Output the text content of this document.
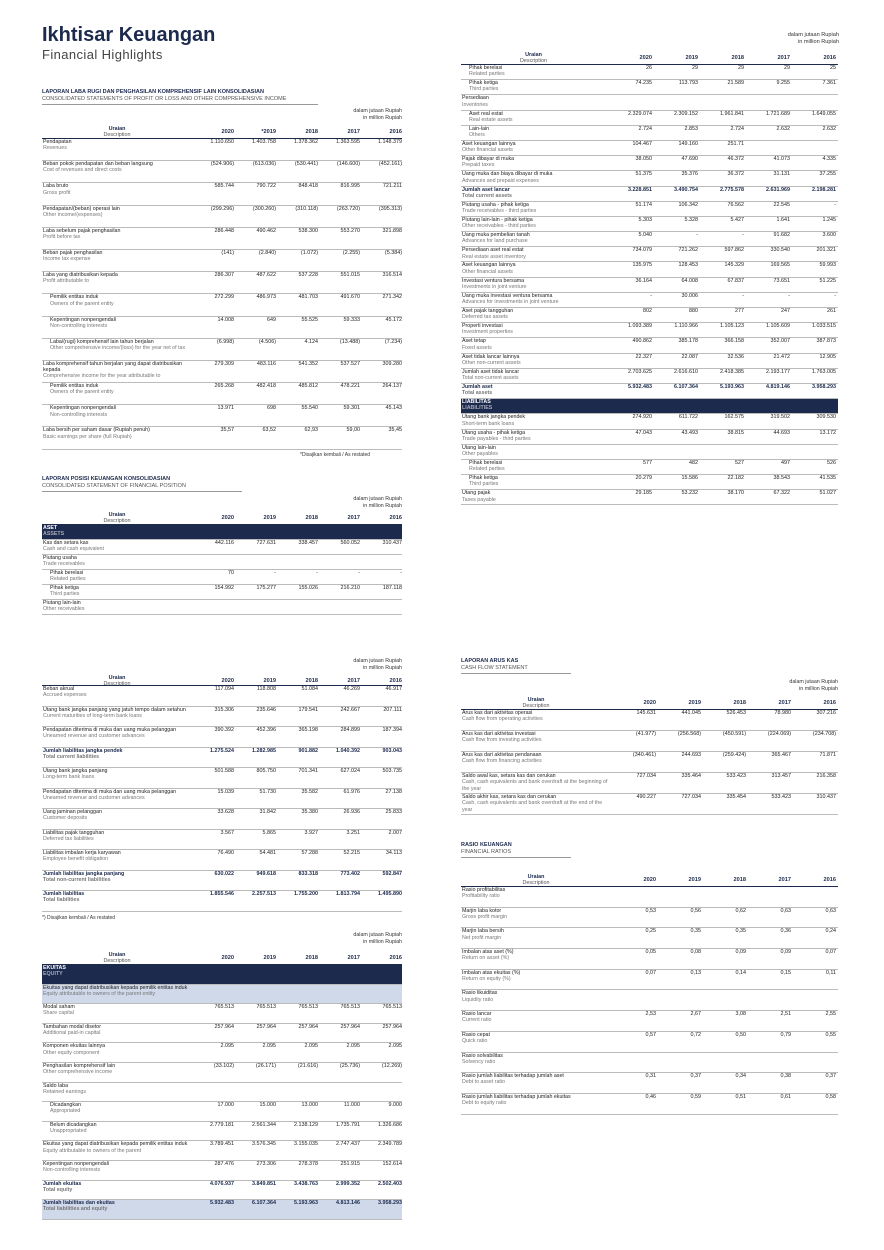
Ikhtisar Keuangan
Financial Highlights
dalam jutaan Rupiah
in million Rupiah
LAPORAN LABA RUGI DAN PENGHASILAN KOMPREHENSIF LAIN KONSOLIDASIAN
CONSOLIDATED STATEMENTS OF PROFIT OR LOSS AND OTHER COMPREHENSIVE INCOME
dalam jutaan Rupiah
in million Rupiah
Uraian
Description	2020	*2019	2018	2017	2016
Pendapatan
Revenues
1.110.650	1.403.758	1.378.362	1.363.595	1.148.379
Beban pokok pendapatan dan beban langsung
Cost of revenues and direct costs
(524.906)	(613.036)	(530.441)	(146.600)	(452.161)
Laba bruto
Gross profit
585.744	790.722	848.418	816.995	721.211
Pendapatan/(beban) operasi lain
Other income/(expenses)
(299.296)	(300.260)	(310.118)	(263.720)	(395.313)
Laba sebelum pajak penghasilan
Profit before tax
286.448	490.462	538.300	553.270	321.898
Beban pajak penghasilan
Income tax expense
(141)	(2.840)	(1.072)	(2.255)	(5.384)
Laba yang diatribusikan kepada
Profit attributable to
286.307	487.622	537.228	551.015	316.514
Pemilik entitas induk
Owners of the parent entity
272.299	486.973	481.703	491.670	271.342
Kepentingan nonpengendali
Non-controlling interests
14.008	649	55.525	59.333	45.172
Laba/(rugi) komprehensif lain tahun berjalan
Other comprehensive income/(loss) for the year net of tax
(6.998)	(4.506)	4.124	(13.488)	(7.234)
Laba komprehensif tahun berjalan yang dapat diatribusikan kepada
Comprehensive income for the year attributable to
279.309	483.116	541.352	537.527	309.280
Pemilik entitas induk
Owners of the parent entity
265.268	482.418	485.812	478.221	264.137
Kepentingan nonpengendali
Non-controlling interests
13.971	698	55.540	59.301	45.143
Laba bersih per saham dasar (Rupiah penuh)
Basic earnings per share (full Rupiah)
35,57	63,52	62,93	59,00	35,45
*Disajikan kembali / As restated
LAPORAN POSISI KEUANGAN KONSOLIDASIAN
CONSOLIDATED STATEMENT OF FINANCIAL POSITION
dalam jutaan Rupiah
in million Rupiah
Uraian
Description	2020	2019	2018	2017	2016
ASET
ASSETS
Kas dan setara kas
Cash and cash equivalent
442.116	727.631	338.457	560.052	310.437
Piutang usaha
Trade receivables
Pihak berelasi
Related parties
70	-	-	-	-
Pihak ketiga
Third parties
154.992	175.277	155.026	216.210	187.118
Piutang lain-lain
Other receivables
Uraian
Description	2020	2019	2018	2017	2016
Pihak berelasi
Related parties
26	29	29	29	25
Pihak ketiga
Third parties
74.235	113.793	21.589	9.255	7.361
Persediaan
Inventories
Aset real estat
Real estate assets
2.329.074	2.309.152	1.961.841	1.721.689	1.649.055
Lain-lain
Others
2.724	2.853	2.724	2.632	2.632
Aset keuangan lainnya
Other financial assets
104.467	149.160	251.71
Pajak dibayar di muka
Prepaid taxes
38.050	47.690	46.372	41.073	4.335
Uang muka dan biaya dibayar di muka
Advances and prepaid expenses
51.375	35.376	36.372	31.131	37.255
Jumlah aset lancar
Total current assets
3.228.851	3.490.754	2.775.578	2.631.969	2.198.281
Piutang usaha - pihak ketiga
Trade receivables - third parties
51.174	106.342	76.562	22.545	-
Piutang lain-lain - pihak ketiga
Other receivables - third parties
5.303	5.328	5.427	1.641	1.245
Uang muka pembelian tanah
Advances for land purchase
5.040	-	-	91.682	3.600
Persediaan aset real estat
Real estate asset inventory
734.079	721.262	597.862	330.540	201.321
Aset keuangan lainnya
Other financial assets
135.975	128.453	145.329	169.565	59.993
Investasi ventura bersama
Investments in joint venture
36.164	64.008	67.837	73.651	51.225
Uang muka investasi ventura bersama
Advances for investments in joint venture
-	30.006	-	-	-
Aset pajak tangguhan
Deferred tax assets
802	880	277	247	261
Properti investasi
Investment properties
1.093.389	1.110.966	1.105.123	1.105.609	1.033.515
Aset tetap
Fixed assets
490.862	385.178	366.158	352.007	387.873
Aset tidak lancar lainnya
Other non-current assets
22.327	22.087	32.536	21.472	12.905
Jumlah aset tidak lancar
Total non-current assets
2.703.625	2.616.610	2.418.385	2.193.177	1.763.005
Jumlah aset
Total assets
5.932.483	6.107.364	5.193.963	4.819.146	3.958.293
LIABILITAS
LIABILITIES
Utang bank jangka pendek
Short-term bank loans
274.920	611.722	162.575	319.502	309.530
Utang usaha - pihak ketiga
Trade payables - third parties
47.043	43.493	38.815	44.693	13.172
Utang lain-lain
Other payables
Pihak berelasi
Related parties
577	482	527	497	526
Pihak ketiga
Third parties
20.279	15.586	22.182	38.543	41.535
Utang pajak
Taxes payable
29.185	53.232	38.170	67.322	51.027
dalam jutaan Rupiah
in million Rupiah
Uraian
Description	2020	2019	2018	2017	2016
Beban akrual
Accrued expenses
117.094	118.808	51.084	46.269	46.917
Utang bank jangka panjang yang jatuh tempo dalam setahun
Current maturities of long-term bank loans
315.306	235.646	179.541	242.667	207.111
Pendapatan diterima di muka dan uang muka pelanggan
Unearned revenue and customer advances
390.392	452.396	365.198	284.899	187.394
Jumlah liabilitas jangka pendek
Total current liabilities
1.275.524	1.282.985	901.882	1.040.392	903.043
Utang bank jangka panjang
Long-term bank loans
501.588	805.750	701.341	627.024	503.735
Pendapatan diterima di muka dan uang muka pelanggan
Unearned revenue and customer advances
15.039	51.730	35.582	61.976	27.138
Uang jaminan pelanggan
Customer deposits
33.628	31.842	35.380	26.936	25.833
Liabilitas pajak tangguhan
Deferred tax liabilities
3.567	5.865	3.927	3.251	2.007
Liabilitas imbalan kerja karyawan
Employee benefit obligation
76.490	54.481	57.288	52.215	34.113
Jumlah liabilitas jangka panjang
Total non-current liabilities
630.022	949.618	833.318	773.402	592.847
Jumlah liabilitas
Total liabilities
1.855.546	2.257.513	1.755.200	1.813.794	1.495.890
*) Disajikan kembali / As restated
dalam jutaan Rupiah
in million Rupiah
Uraian
Description	2020	2019	2018	2017	2016
EKUITAS
EQUITY
Ekuitas yang dapat diatribusikan kepada pemilik entitas induk
Equity attributable to owners of the parent entity
Modal saham
Share capital
765.513	765.513	765.513	765.513	765.513
Tambahan modal disetor
Additional paid-in capital
257.964	257.964	257.964	257.964	257.964
Komponen ekuitas lainnya
Other equity component
2.095	2.095	2.095	2.095	2.095
Penghasilan komprehensif lain
Other comprehensive income
(33.102)	(26.171)	(21.616)	(25.736)	(12.269)
Saldo laba
Retained earnings
Dicadangkan
Appropriated
17.000	15.000	13.000	11.000	9.000
Belum dicadangkan
Unappropriated
2.779.181	2.561.344	2.138.129	1.735.791	1.326.686
Ekuitas yang dapat diatribusikan kepada pemilik entitas induk
Equity attributable to owners of the parent
3.789.451	3.576.345	3.155.035	2.747.437	2.349.789
Kepentingan nonpengendali
Non-controlling interests
287.476	273.306	278.378	251.915	152.614
Jumlah ekuitas
Total equity
4.076.937	3.849.851	3.438.763	2.999.352	2.502.403
Jumlah liabilitas dan ekuitas
Total liabilities and equity
5.932.483	6.107.364	5.193.963	4.813.146	3.958.293
LAPORAN ARUS KAS
CASH FLOW STATEMENT
dalam jutaan Rupiah
in million Rupiah
Uraian
Description	2020	2019	2018	2017	2016
Arus kas dari aktivitas operasi
Cash flow from operating activities
145.631	441.045	526.453	78.980	307.216
Arus kas dari aktivitas investasi
Cash flow from investing activities
(41.977)	(256.568)	(450.591)	(224.069)	(234.708)
Arus kas dari aktivitas pendanaan
Cash flow from financing activities
(340.461)	244.693	(259.424)	365.467	71.871
Saldo awal kas, setara kas dan cerukan
Cash, cash equivalents and bank overdraft at the beginning of the year
727.034	335.464	533.423	313.457	216.358
Saldo akhir kas, setara kas dan cerukan
Cash, cash equivalents and bank overdraft at the end of the year
490.227	727.034	335.454	533.423	310.437
RASIO KEUANGAN
FINANCIAL RATIOS
Uraian
Description	2020	2019	2018	2017	2016
Rasio profitabilitas
Profitability ratio
Marjin laba kotor
Gross profit margin
0,53	0,56	0,62	0,63	0,63
Marjin laba bersih
Net profit margin
0,25	0,35	0,35	0,36	0,24
Imbalan atas aset (%)
Return on asset (%)
0,05	0,08	0,09	0,09	0,07
Imbalan atas ekuitas (%)
Return on equity (%)
0,07	0,13	0,14	0,15	0,11
Rasio likuiditas
Liquidity ratio
Rasio lancar
Current ratio
2,53	2,67	3,08	2,51	2,55
Rasio cepat
Quick ratio
0,57	0,72	0,50	0,79	0,55
Rasio solvabilitas
Solvency ratio
Rasio jumlah liabilitas terhadap jumlah aset
Debt to asset ratio
0,31	0,37	0,34	0,38	0,37
Rasio jumlah liabilitas terhadap jumlah ekuitas
Debt to equity ratio
0,46	0,59	0,51	0,61	0,58
